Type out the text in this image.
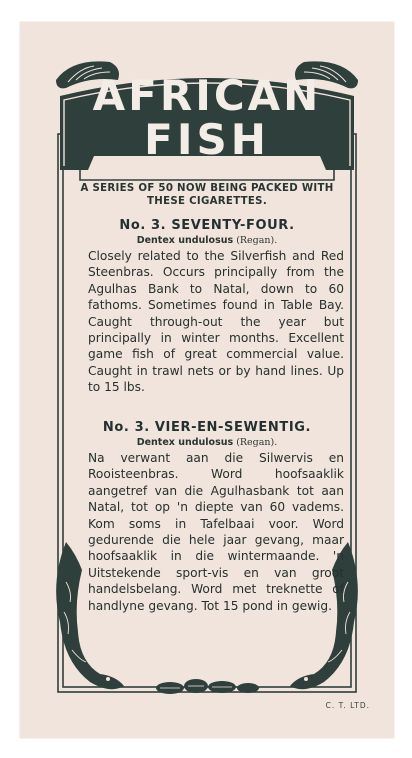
AFRICAN
FISH
A SERIES OF 50 NOW BEING PACKED WITH THESE CIGARETTES.
No. 3. SEVENTY-FOUR.
Dentex undulosus (Regan).
Closely related to the Silverfish and Red Steenbras. Occurs principally from the Agulhas Bank to Natal, down to 60 fathoms. Sometimes found in Table Bay. Caught through-out the year but principally in winter months. Excellent game fish of great commercial value. Caught in trawl nets or by hand lines. Up to 15 lbs.
No. 3. VIER-EN-SEWENTIG.
Dentex undulosus (Regan).
Na verwant aan die Silwervis en Rooisteenbras. Word hoofsaaklik aangetref van die Agulhasbank tot aan Natal, tot op 'n diepte van 60 vadems. Kom soms in Tafelbaai voor. Word gedurende die hele jaar gevang, maar hoofsaaklik in die wintermaande. 'n Uitstekende sport-vis en van groot handelsbelang. Word met treknette of handlyne gevang. Tot 15 pond in gewig.
C. T. LTD.
